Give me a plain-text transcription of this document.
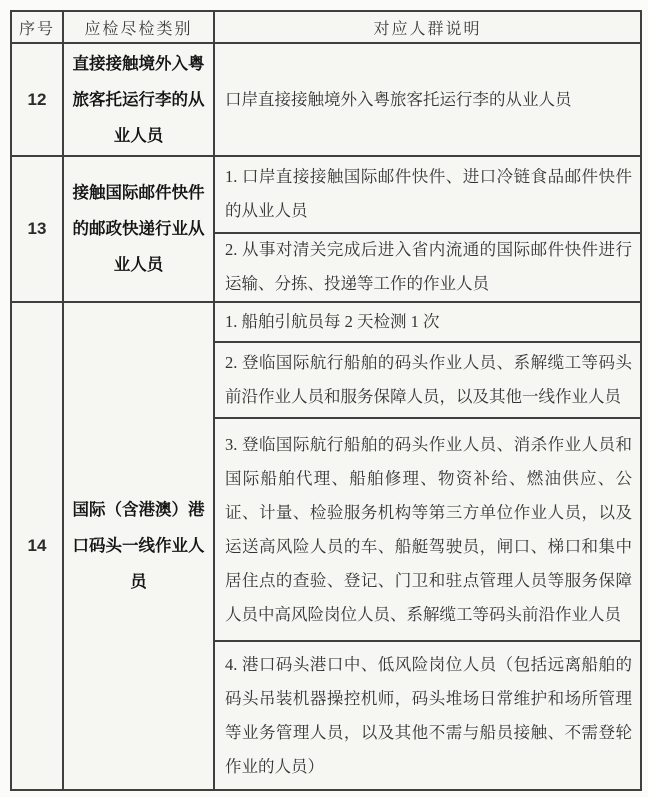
序号	应检尽检类别	对应人群说明
12
直接接触境外入粤旅客托运行李的从业人员
口岸直接接触境外入粤旅客托运行李的从业人员
13
接触国际邮件快件的邮政快递行业从业人员
1. 口岸直接接触国际邮件快件、进口冷链食品邮件快件的从业人员
2. 从事对清关完成后进入省内流通的国际邮件快件进行运输、分拣、投递等工作的作业人员
14
国际（含港澳）港口码头一线作业人员
1. 船舶引航员每 2 天检测 1 次
2. 登临国际航行船舶的码头作业人员、系解缆工等码头前沿作业人员和服务保障人员，以及其他一线作业人员
3. 登临国际航行船舶的码头作业人员、消杀作业人员和国际船舶代理、船舶修理、物资补给、燃油供应、公证、计量、检验服务机构等第三方单位作业人员，以及运送高风险人员的车、船艇驾驶员，闸口、梯口和集中居住点的查验、登记、门卫和驻点管理人员等服务保障人员中高风险岗位人员、系解缆工等码头前沿作业人员
4. 港口码头港口中、低风险岗位人员（包括远离船舶的码头吊装机器操控机师，码头堆场日常维护和场所管理等业务管理人员，以及其他不需与船员接触、不需登轮作业的人员）
